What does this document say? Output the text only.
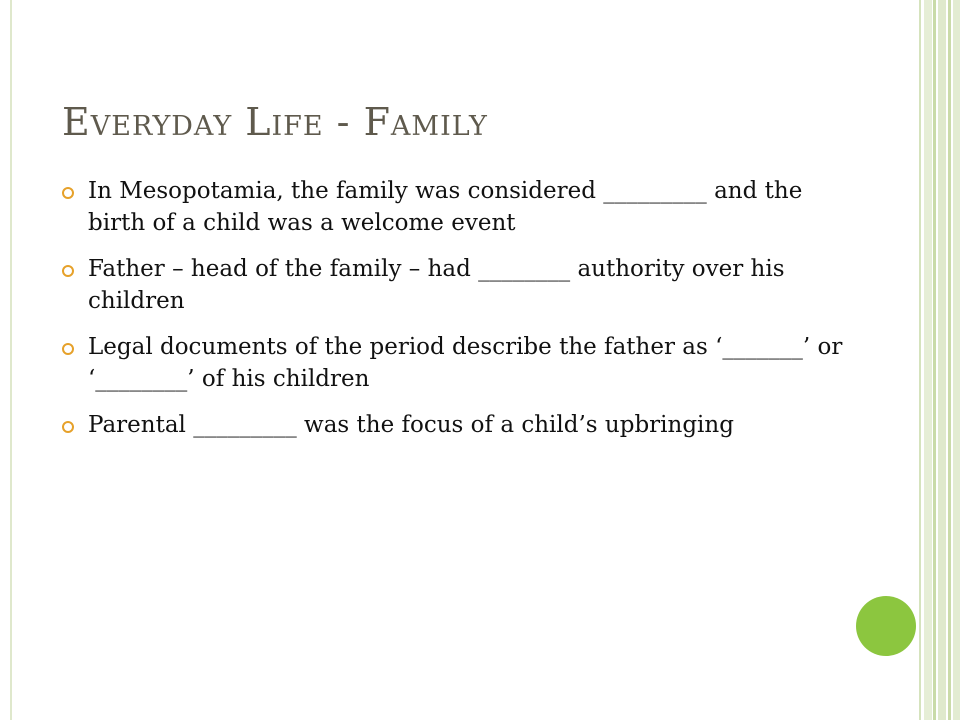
Everyday Life - Family
In Mesopotamia, the family was considered _________ and the birth of a child was a welcome event
Father – head of the family – had ________ authority over his children
Legal documents of the period describe the father as ‘_______’ or ‘________’ of his children
Parental _________ was the focus of a child’s upbringing
